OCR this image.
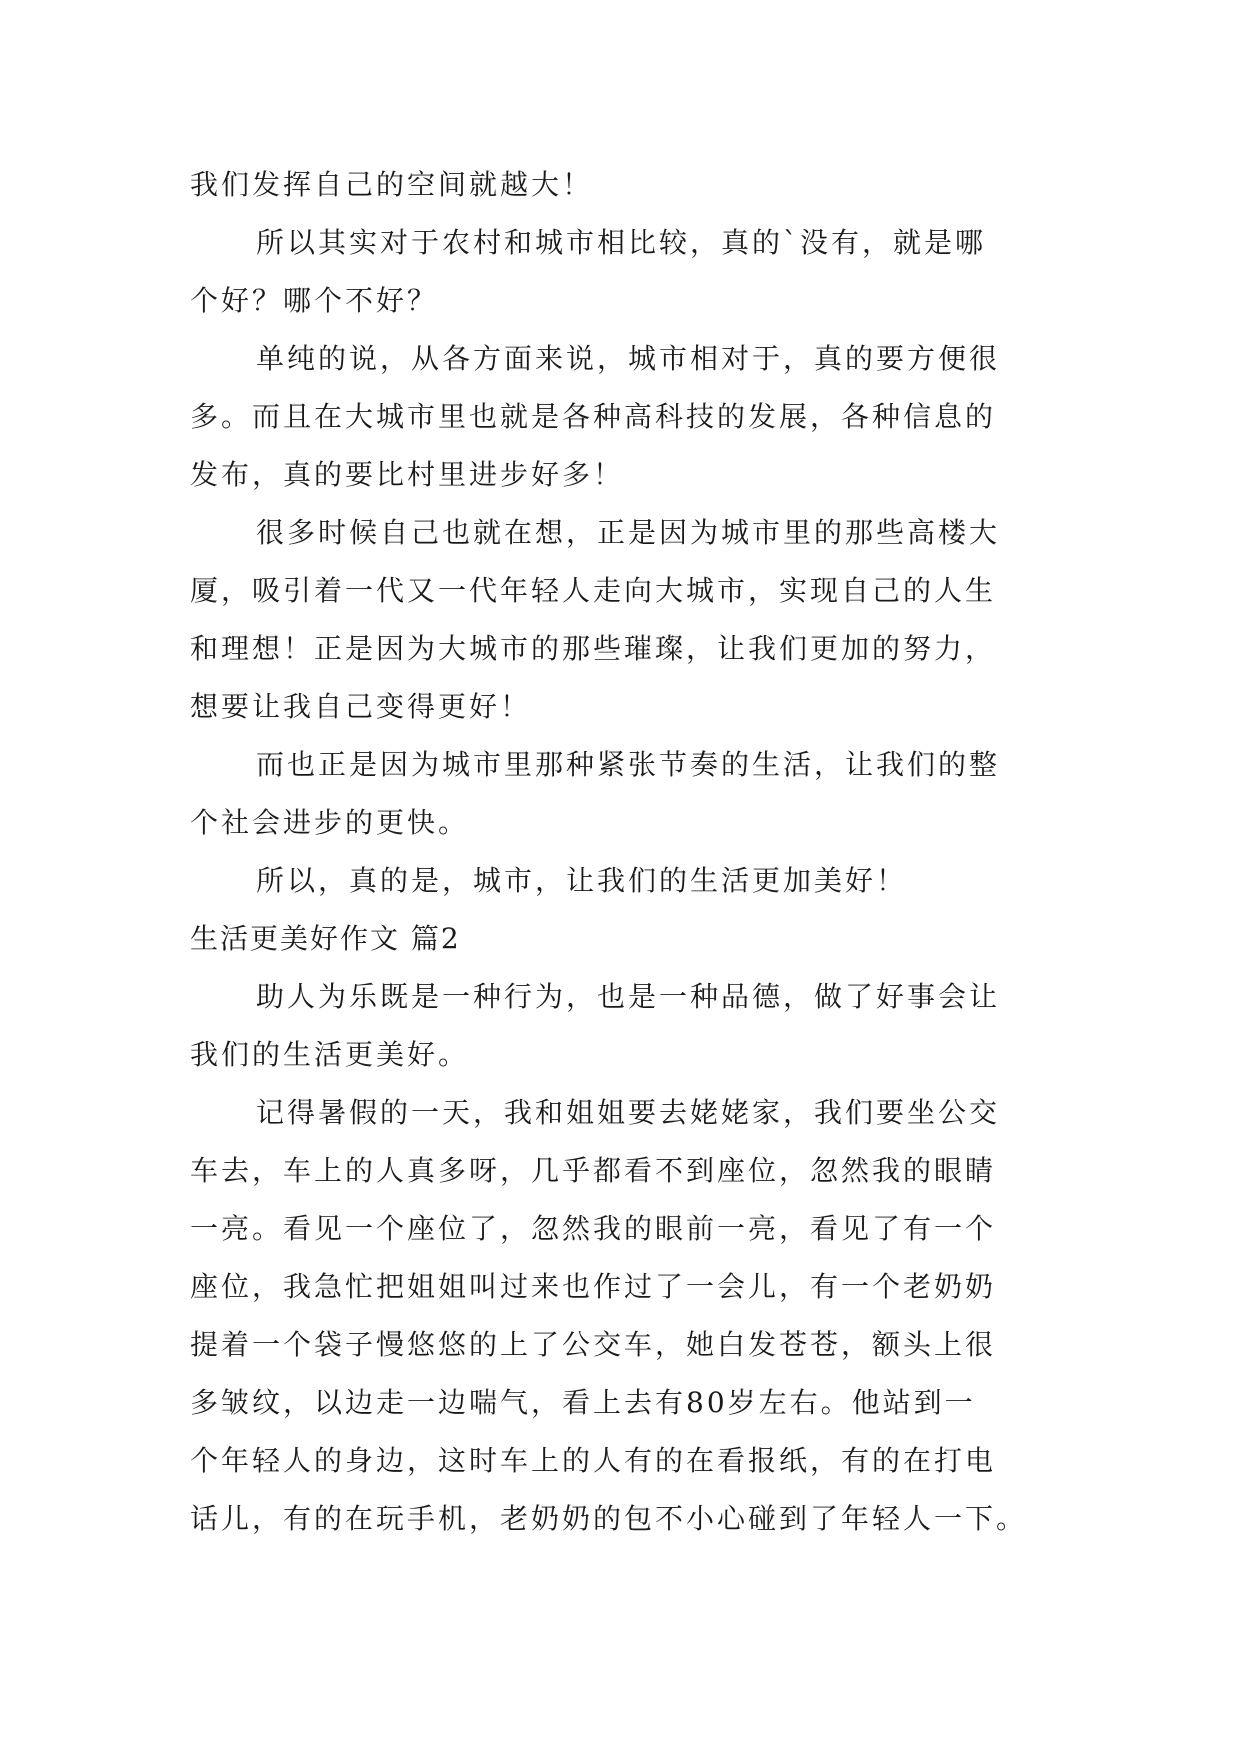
我们发挥自己的空间就越大！
所以其实对于农村和城市相比较，真的`没有，就是哪
个好？哪个不好？
单纯的说，从各方面来说，城市相对于，真的要方便很
多。而且在大城市里也就是各种高科技的发展，各种信息的
发布，真的要比村里进步好多！
很多时候自己也就在想，正是因为城市里的那些高楼大
厦，吸引着一代又一代年轻人走向大城市，实现自己的人生
和理想！正是因为大城市的那些璀璨，让我们更加的努力，
想要让我自己变得更好！
而也正是因为城市里那种紧张节奏的生活，让我们的整
个社会进步的更快。
所以，真的是，城市，让我们的生活更加美好！
生活更美好作文 篇2
助人为乐既是一种行为，也是一种品德，做了好事会让
我们的生活更美好。
记得暑假的一天，我和姐姐要去姥姥家，我们要坐公交
车去，车上的人真多呀，几乎都看不到座位，忽然我的眼睛
一亮。看见一个座位了，忽然我的眼前一亮，看见了有一个
座位，我急忙把姐姐叫过来也作过了一会儿，有一个老奶奶
提着一个袋子慢悠悠的上了公交车，她白发苍苍，额头上很
多皱纹，以边走一边喘气，看上去有80岁左右。他站到一
个年轻人的身边，这时车上的人有的在看报纸，有的在打电
话儿，有的在玩手机，老奶奶的包不小心碰到了年轻人一下。
